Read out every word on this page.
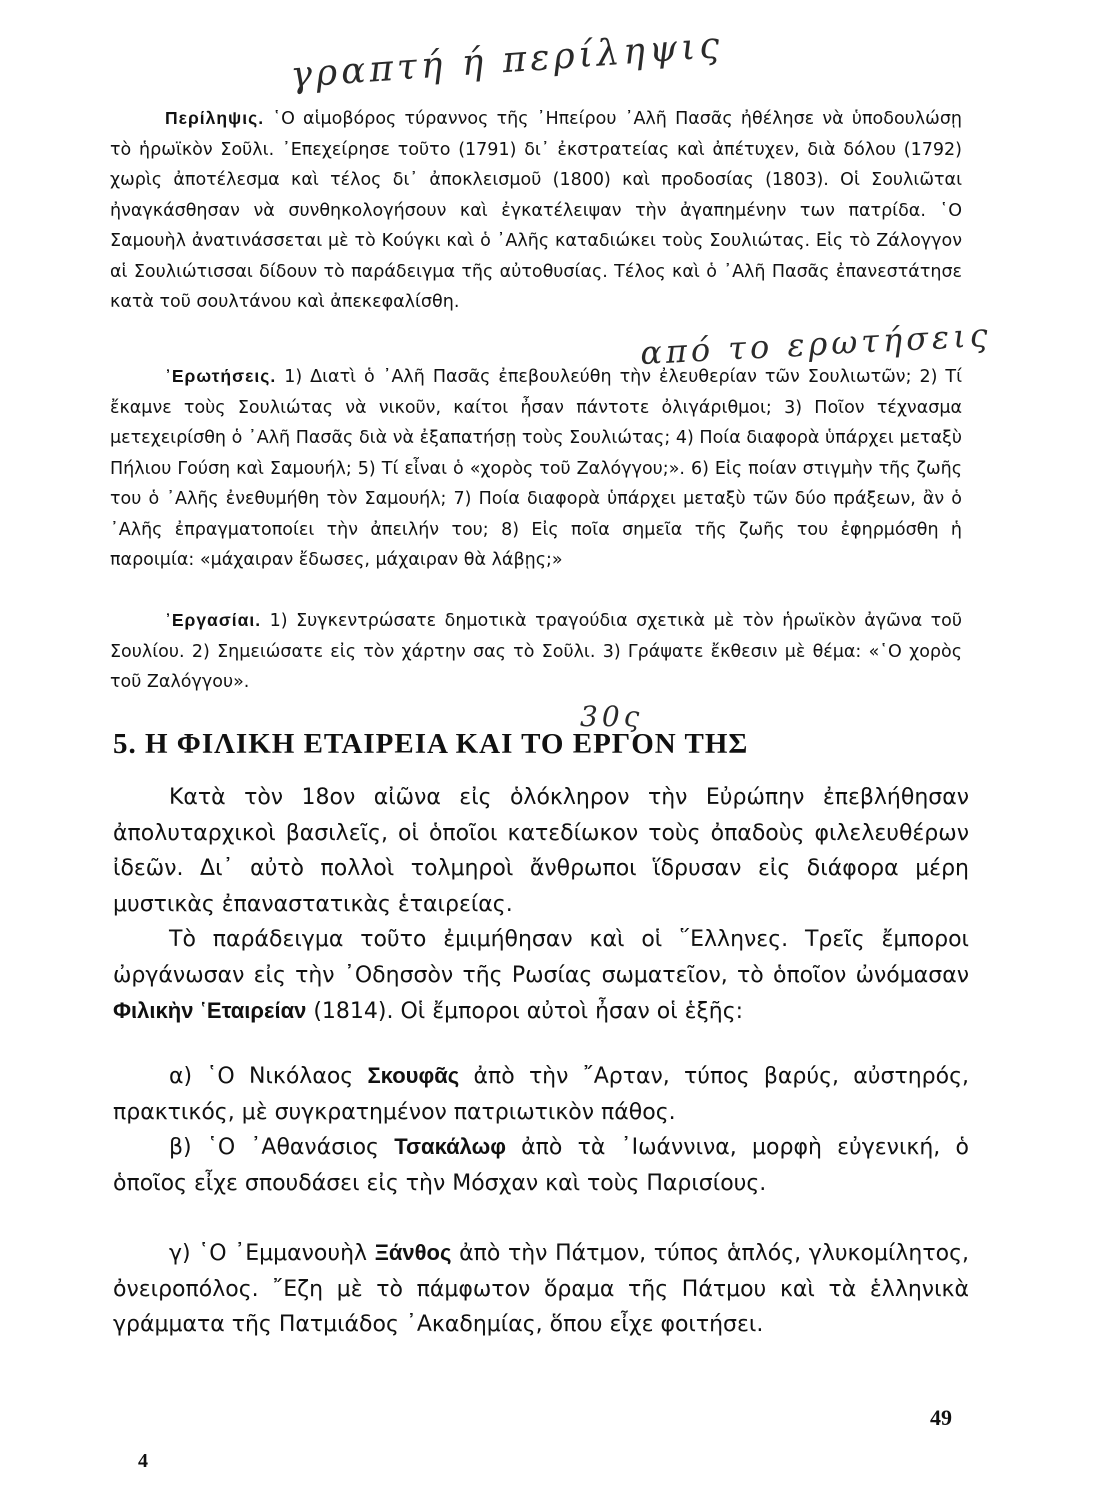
γραπτή ή περίληψις
από το ερωτήσεις
30ς
Περίληψις. ῾Ο αἱμοβόρος τύραννος τῆς ᾿Ηπείρου ᾿Αλῆ Πασᾶς ἠθέλησε νὰ ὑποδουλώσῃ τὸ ἡρωϊκὸν Σοῦλι. ᾿Επεχείρησε τοῦτο (1791) δι᾿ ἐκστρατείας καὶ ἀπέτυχεν, διὰ δόλου (1792) χωρὶς ἀποτέλεσμα καὶ τέλος δι᾿ ἀποκλεισμοῦ (1800) καὶ προδοσίας (1803). Οἱ Σουλιῶται ἠναγκάσθησαν νὰ συνθηκολογήσουν καὶ ἐγκατέλειψαν τὴν ἀγαπημένην των πατρίδα. ῾Ο Σαμουὴλ ἀνατινάσσεται μὲ τὸ Κούγκι καὶ ὁ ᾿Αλῆς καταδιώκει τοὺς Σουλιώτας. Εἰς τὸ Ζάλογγον αἱ Σουλιώτισσαι δίδουν τὸ παράδειγμα τῆς αὐτοθυσίας. Τέλος καὶ ὁ ᾿Αλῆ Πασᾶς ἐπανεστάτησε κατὰ τοῦ σουλτάνου καὶ ἀπεκεφαλίσθη.
᾿Ερωτήσεις. 1) Διατὶ ὁ ᾿Αλῆ Πασᾶς ἐπεβουλεύθη τὴν ἐλευθερίαν τῶν Σουλιωτῶν; 2) Τί ἔκαμνε τοὺς Σουλιώτας νὰ νικοῦν, καίτοι ἦσαν πάντοτε ὀλιγάριθμοι; 3) Ποῖον τέχνασμα μετεχειρίσθη ὁ ᾿Αλῆ Πασᾶς διὰ νὰ ἐξαπατήσῃ τοὺς Σουλιώτας; 4) Ποία διαφορὰ ὑπάρχει μεταξὺ Πήλιου Γούση καὶ Σαμουήλ; 5) Τί εἶναι ὁ «χορὸς τοῦ Ζαλόγγου;». 6) Εἰς ποίαν στιγμὴν τῆς ζωῆς του ὁ ᾿Αλῆς ἐνεθυμήθη τὸν Σαμουήλ; 7) Ποία διαφορὰ ὑπάρχει μεταξὺ τῶν δύο πράξεων, ἂν ὁ ᾿Αλῆς ἐπραγματοποίει τὴν ἀπειλήν του; 8) Εἰς ποῖα σημεῖα τῆς ζωῆς του ἐφηρμόσθη ἡ παροιμία: «μάχαιραν ἔδωσες, μάχαιραν θὰ λάβῃς;»
᾿Εργασίαι. 1) Συγκεντρώσατε δημοτικὰ τραγούδια σχετικὰ μὲ τὸν ἡρωϊκὸν ἀγῶνα τοῦ Σουλίου. 2) Σημειώσατε εἰς τὸν χάρτην σας τὸ Σοῦλι. 3) Γράψατε ἔκθεσιν μὲ θέμα: «῾Ο χορὸς τοῦ Ζαλόγγου».
5. Η ΦΙΛΙΚΗ ΕΤΑΙΡΕΙΑ ΚΑΙ ΤΟ ΕΡΓΟΝ ΤΗΣ
Κατὰ τὸν 18ον αἰῶνα εἰς ὁλόκληρον τὴν Εὐρώπην ἐπεβλήθησαν ἀπολυταρχικοὶ βασιλεῖς, οἱ ὁποῖοι κατεδίωκον τοὺς ὀπαδοὺς φιλελευθέρων ἰδεῶν. Δι᾿ αὐτὸ πολλοὶ τολμηροὶ ἄνθρωποι ἵδρυσαν εἰς διάφορα μέρη μυστικὰς ἐπαναστατικὰς ἑταιρείας.
Τὸ παράδειγμα τοῦτο ἐμιμήθησαν καὶ οἱ ῞Ελληνες. Τρεῖς ἔμποροι ὠργάνωσαν εἰς τὴν ᾿Οδησσὸν τῆς Ρωσίας σωματεῖον, τὸ ὁποῖον ὠνόμασαν Φιλικὴν ῾Εταιρείαν (1814). Οἱ ἔμποροι αὐτοὶ ἦσαν οἱ ἑξῆς:
α) ῾Ο Νικόλαος Σκουφᾶς ἀπὸ τὴν ῎Αρταν, τύπος βαρύς, αὐστηρός, πρακτικός, μὲ συγκρατημένον πατριωτικὸν πάθος.
β) ῾Ο ᾿Αθανάσιος Τσακάλωφ ἀπὸ τὰ ᾿Ιωάννινα, μορφὴ εὐγενική, ὁ ὁποῖος εἶχε σπουδάσει εἰς τὴν Μόσχαν καὶ τοὺς Παρισίους.
γ) ῾Ο ᾿Εμμανουὴλ Ξάνθος ἀπὸ τὴν Πάτμον, τύπος ἁπλός, γλυκομίλητος, ὀνειροπόλος. ῎Εζη μὲ τὸ πάμφωτον ὅραμα τῆς Πάτμου καὶ τὰ ἑλληνικὰ γράμματα τῆς Πατμιάδος ᾿Ακαδημίας, ὅπου εἶχε φοιτήσει.
49
4
